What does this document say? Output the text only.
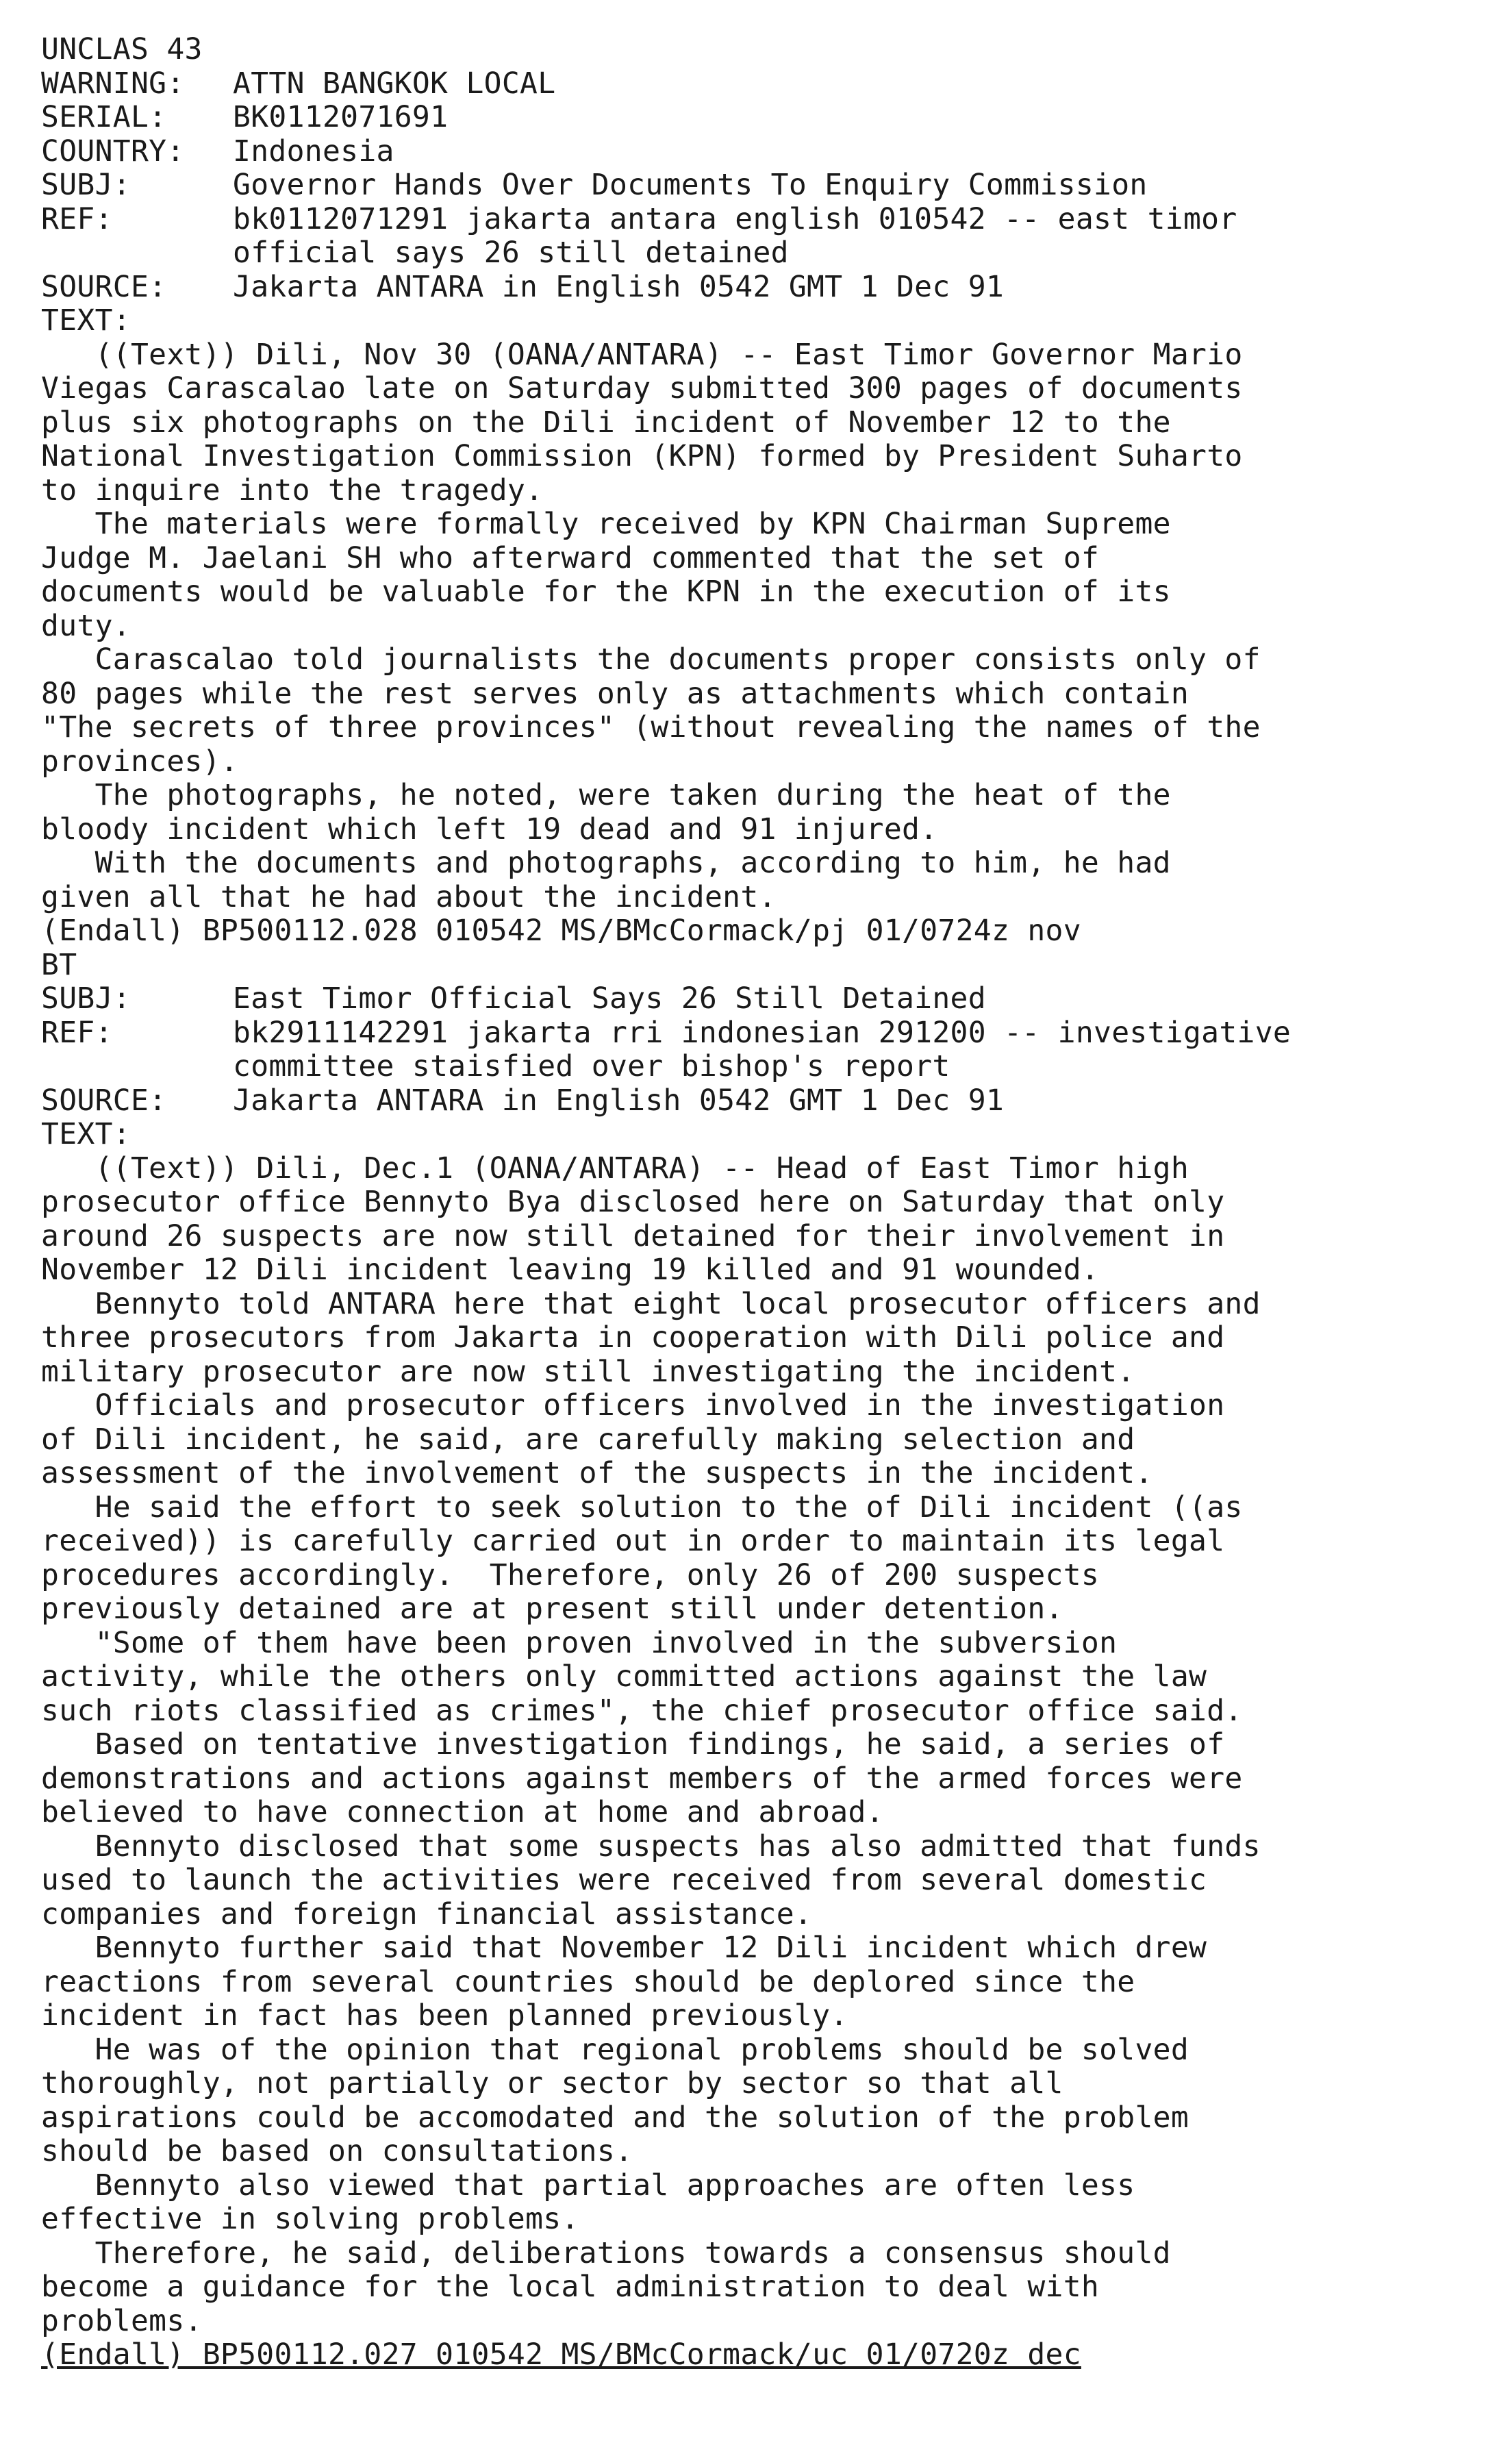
UNCLAS 43
WARNING:	ATTN BANGKOK LOCAL
SERIAL:	BK0112071691
COUNTRY:	Indonesia
SUBJ:	Governor Hands Over Documents To Enquiry Commission
REF:	bk0112071291 jakarta antara english 010542 -- east timor
official says 26 still detained
SOURCE:	Jakarta ANTARA in English 0542 GMT 1 Dec 91
TEXT:
((Text)) Dili, Nov 30 (OANA/ANTARA) -- East Timor Governor Mario
Viegas Carascalao late on Saturday submitted 300 pages of documents
plus six photographs on the Dili incident of November 12 to the
National Investigation Commission (KPN) formed by President Suharto
to inquire into the tragedy.
The materials were formally received by KPN Chairman Supreme
Judge M. Jaelani SH who afterward commented that the set of
documents would be valuable for the KPN in the execution of its
duty.
Carascalao told journalists the documents proper consists only of
80 pages while the rest serves only as attachments which contain
"The secrets of three provinces" (without revealing the names of the
provinces).
The photographs, he noted, were taken during the heat of the
bloody incident which left 19 dead and 91 injured.
With the documents and photographs, according to him, he had
given all that he had about the incident.
(Endall) BP500112.028 010542 MS/BMcCormack/pj 01/0724z nov
BT
SUBJ:	East Timor Official Says 26 Still Detained
REF:	bk2911142291 jakarta rri indonesian 291200 -- investigative
committee staisfied over bishop's report
SOURCE:	Jakarta ANTARA in English 0542 GMT 1 Dec 91
TEXT:
((Text)) Dili, Dec.1 (OANA/ANTARA) -- Head of East Timor high
prosecutor office Bennyto Bya disclosed here on Saturday that only
around 26 suspects are now still detained for their involvement in
November 12 Dili incident leaving 19 killed and 91 wounded.
Bennyto told ANTARA here that eight local prosecutor officers and
three prosecutors from Jakarta in cooperation with Dili police and
military prosecutor are now still investigating the incident.
Officials and prosecutor officers involved in the investigation
of Dili incident, he said, are carefully making selection and
assessment of the involvement of the suspects in the incident.
He said the effort to seek solution to the of Dili incident ((as
received)) is carefully carried out in order to maintain its legal
procedures accordingly.  Therefore, only 26 of 200 suspects
previously detained are at present still under detention.
"Some of them have been proven involved in the subversion
activity, while the others only committed actions against the law
such riots classified as crimes", the chief prosecutor office said.
Based on tentative investigation findings, he said, a series of
demonstrations and actions against members of the armed forces were
believed to have connection at home and abroad.
Bennyto disclosed that some suspects has also admitted that funds
used to launch the activities were received from several domestic
companies and foreign financial assistance.
Bennyto further said that November 12 Dili incident which drew
reactions from several countries should be deplored since the
incident in fact has been planned previously.
He was of the opinion that regional problems should be solved
thoroughly, not partially or sector by sector so that all
aspirations could be accomodated and the solution of the problem
should be based on consultations.
Bennyto also viewed that partial approaches are often less
effective in solving problems.
Therefore, he said, deliberations towards a consensus should
become a guidance for the local administration to deal with
problems.
(Endall) BP500112.027 010542 MS/BMcCormack/uc 01/0720z dec
